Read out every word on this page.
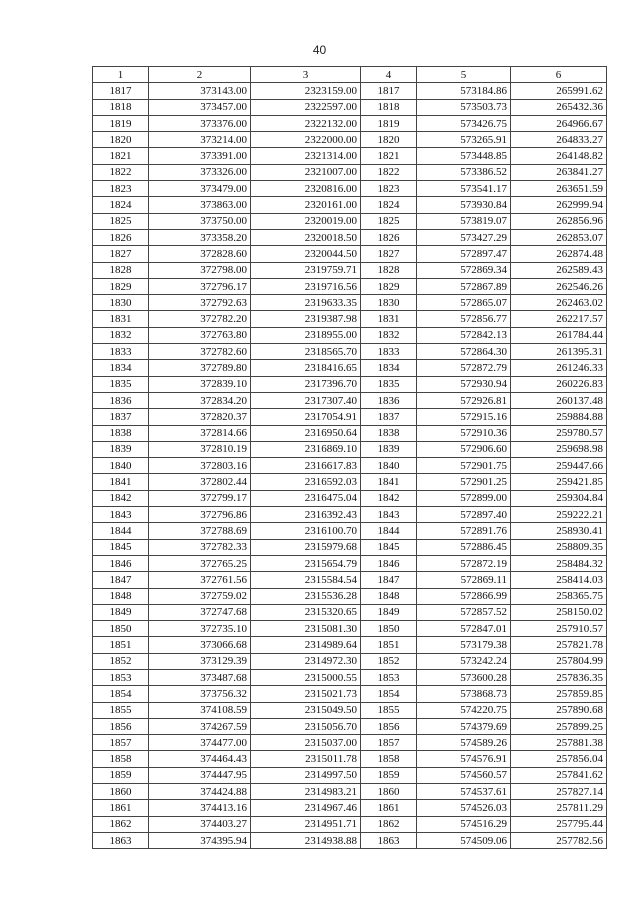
40
1	2	3	4	5	6
1817	373143.00	2323159.00	1817	573184.86	265991.62
1818	373457.00	2322597.00	1818	573503.73	265432.36
1819	373376.00	2322132.00	1819	573426.75	264966.67
1820	373214.00	2322000.00	1820	573265.91	264833.27
1821	373391.00	2321314.00	1821	573448.85	264148.82
1822	373326.00	2321007.00	1822	573386.52	263841.27
1823	373479.00	2320816.00	1823	573541.17	263651.59
1824	373863.00	2320161.00	1824	573930.84	262999.94
1825	373750.00	2320019.00	1825	573819.07	262856.96
1826	373358.20	2320018.50	1826	573427.29	262853.07
1827	372828.60	2320044.50	1827	572897.47	262874.48
1828	372798.00	2319759.71	1828	572869.34	262589.43
1829	372796.17	2319716.56	1829	572867.89	262546.26
1830	372792.63	2319633.35	1830	572865.07	262463.02
1831	372782.20	2319387.98	1831	572856.77	262217.57
1832	372763.80	2318955.00	1832	572842.13	261784.44
1833	372782.60	2318565.70	1833	572864.30	261395.31
1834	372789.80	2318416.65	1834	572872.79	261246.33
1835	372839.10	2317396.70	1835	572930.94	260226.83
1836	372834.20	2317307.40	1836	572926.81	260137.48
1837	372820.37	2317054.91	1837	572915.16	259884.88
1838	372814.66	2316950.64	1838	572910.36	259780.57
1839	372810.19	2316869.10	1839	572906.60	259698.98
1840	372803.16	2316617.83	1840	572901.75	259447.66
1841	372802.44	2316592.03	1841	572901.25	259421.85
1842	372799.17	2316475.04	1842	572899.00	259304.84
1843	372796.86	2316392.43	1843	572897.40	259222.21
1844	372788.69	2316100.70	1844	572891.76	258930.41
1845	372782.33	2315979.68	1845	572886.45	258809.35
1846	372765.25	2315654.79	1846	572872.19	258484.32
1847	372761.56	2315584.54	1847	572869.11	258414.03
1848	372759.02	2315536.28	1848	572866.99	258365.75
1849	372747.68	2315320.65	1849	572857.52	258150.02
1850	372735.10	2315081.30	1850	572847.01	257910.57
1851	373066.68	2314989.64	1851	573179.38	257821.78
1852	373129.39	2314972.30	1852	573242.24	257804.99
1853	373487.68	2315000.55	1853	573600.28	257836.35
1854	373756.32	2315021.73	1854	573868.73	257859.85
1855	374108.59	2315049.50	1855	574220.75	257890.68
1856	374267.59	2315056.70	1856	574379.69	257899.25
1857	374477.00	2315037.00	1857	574589.26	257881.38
1858	374464.43	2315011.78	1858	574576.91	257856.04
1859	374447.95	2314997.50	1859	574560.57	257841.62
1860	374424.88	2314983.21	1860	574537.61	257827.14
1861	374413.16	2314967.46	1861	574526.03	257811.29
1862	374403.27	2314951.71	1862	574516.29	257795.44
1863	374395.94	2314938.88	1863	574509.06	257782.56
